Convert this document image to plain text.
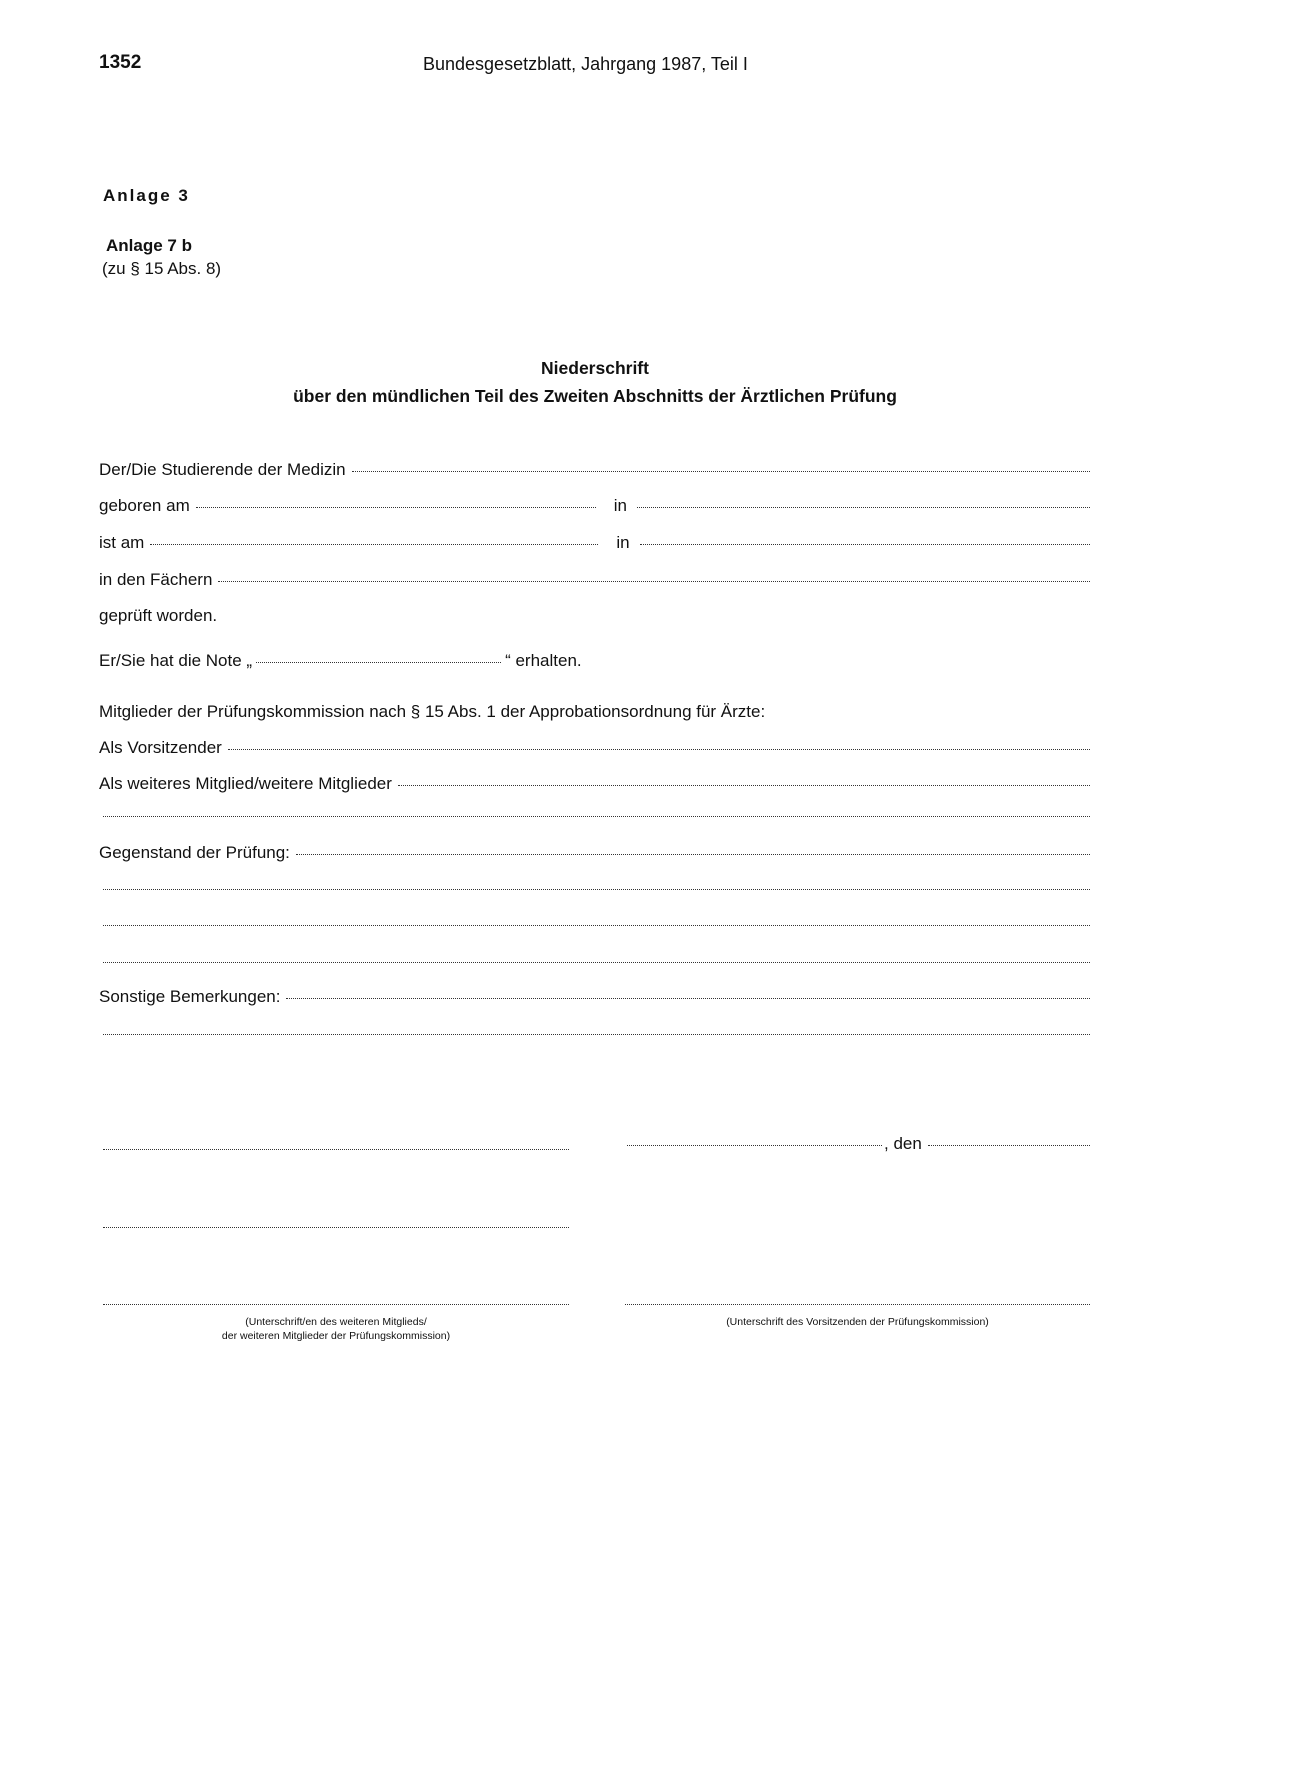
1352	Bundesgesetzblatt, Jahrgang 1987, Teil I
Anlage 3
Anlage 7 b
(zu § 15 Abs. 8)
Niederschrift
über den mündlichen Teil des Zweiten Abschnitts der Ärztlichen Prüfung
Der/Die Studierende der Medizin
geboren am	in
ist am	in
in den Fächern
geprüft worden.
Er/Sie hat die Note „	“ erhalten.
Mitglieder der Prüfungskommission nach § 15 Abs. 1 der Approbationsordnung für Ärzte:
Als Vorsitzender
Als weiteres Mitglied/weitere Mitglieder
Gegenstand der Prüfung:
Sonstige Bemerkungen:
, den
(Unterschrift/en des weiteren Mitglieds/
der weiteren Mitglieder der Prüfungskommission)
(Unterschrift des Vorsitzenden der Prüfungskommission)
